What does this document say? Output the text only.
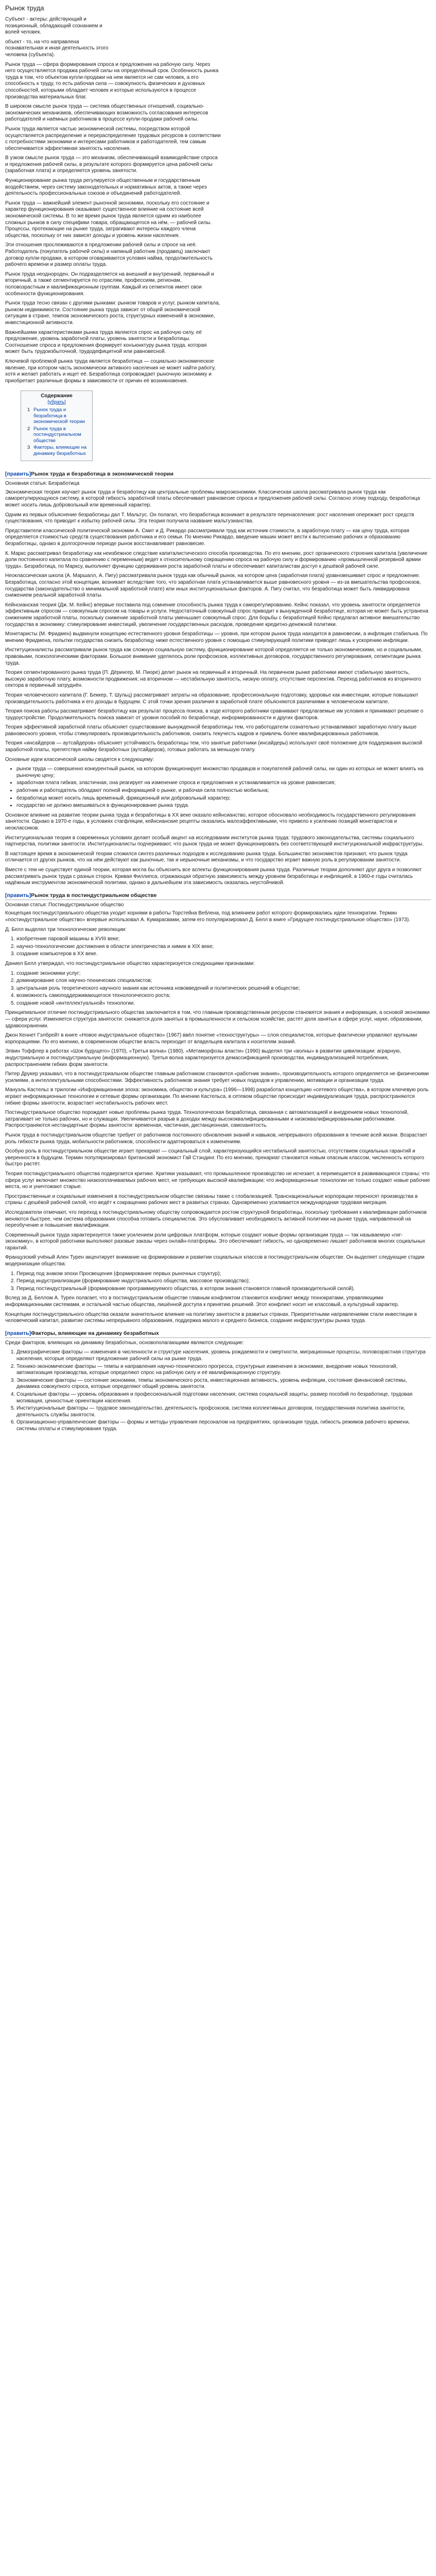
Рынок труда

Субъект - актеры: действующий и позиционный, обладающий сознанием и волей человек.

объект - то, на что направлена познавательная и иная деятельность этого человека (субъекта).

Рынок труда — сфера формирования спроса и предложения на рабочую силу. Через него осуществляется продажа рабочей силы на определённый срок. Особенность рынка труда в том, что объектом купли-продажи на нем является не сам человек, а его способность к труду, то есть рабочая сила — совокупность физических и духовных способностей, которыми обладает человек и которые используются в процессе производства материальных благ.

В широком смысле рынок труда — система общественных отношений, социально-экономических механизмов, обеспечивающих возможность согласования интересов работодателей и наёмных работников в процессе купли-продажи рабочей силы.

Рынок труда является частью экономической системы, посредством которой осуществляется распределение и перераспределение трудовых ресурсов в соответствии с потребностями экономики и интересами работников и работодателей, тем самым обеспечивается эффективная занятость населения.

В узком смысле рынок труда — это механизм, обеспечивающий взаимодействие спроса и предложения рабочей силы, в результате которого формируется цена рабочей силы (заработная плата) и определяется уровень занятости.

Функционирование рынка труда регулируется общественным и государственным воздействием, через систему законодательных и нормативных актов, а также через деятельность профессиональных союзов и объединений работодателей.

Рынок труда — важнейший элемент рыночной экономики, поскольку его состояние и характер функционирования оказывают существенное влияние на состояние всей экономической системы. В то же время рынок труда является одним из наиболее сложных рынков в силу специфики товара, обращающегося на нём, — рабочей силы. Процессы, протекающие на рынке труда, затрагивают интересы каждого члена общества, поскольку от них зависят доходы и уровень жизни населения.

Эти отношения прослеживаются в предложении рабочей силы и спросе на неё. Работодатель (покупатель рабочей силы) и наемный работник (продавец) заключают договор купли-продажи, в котором оговариваются условия найма, продолжительность рабочего времени и размер оплаты труда.

Рынок труда неоднороден. Он подразделяется на внешний и внутренний, первичный и вторичный, а также сегментируется по отраслям, профессиям, регионам, половозрастным и квалификационным группам. Каждый из сегментов имеет свои особенности функционирования.

Рынок труда тесно связан с другими рынками: рынком товаров и услуг, рынком капитала, рынком недвижимости. Состояние рынка труда зависит от общей экономической ситуации в стране, темпов экономического роста, структурных изменений в экономике, инвестиционной активности.

Важнейшими характеристиками рынка труда являются спрос на рабочую силу, её предложение, уровень заработной платы, уровень занятости и безработицы. Соотношение спроса и предложения формирует конъюнктуру рынка труда, которая может быть трудоизбыточной, трудодефицитной или равновесной.

Ключевой проблемой рынка труда является безработица — социально-экономическое явление, при котором часть экономически активного населения не может найти работу, хотя и желает работать и ищет её. Безработица сопровождает рыночную экономику и приобретает различные формы в зависимости от причин её возникновения.

Содержание
[убрать]
1 Рынок труда и безработица в экономической теории
2 Рынок труда в постиндустриальном обществе
3 Факторы, влияющие на динамику безработных
[править]Рынок труда и безработица в экономической теории

Основная статья: Безработица

Экономическая теория изучает рынок труда и безработицу как центральные проблемы макроэкономики. Классическая школа рассматривала рынок труда как саморегулирующуюся систему, в которой гибкость заработной платы обеспечивает равновесие спроса и предложения рабочей силы. Согласно этому подходу, безработица может носить лишь добровольный или временный характер.

Одним из первых объяснение безработицы дал Т. Мальтус. Он полагал, что безработица возникает в результате перенаселения: рост населения опережает рост средств существования, что приводит к избытку рабочей силы. Эта теория получила название мальтузианства.

Представители классической политической экономии А. Смит и Д. Рикардо рассматривали труд как источник стоимости, а заработную плату — как цену труда, которая определяется стоимостью средств существования работника и его семьи. По мнению Рикардо, введение машин может вести к вытеснению рабочих и образованию безработицы, однако в долгосрочном периоде рынок восстанавливает равновесие.

К. Маркс рассматривал безработицу как неизбежное следствие капиталистического способа производства. По его мнению, рост органического строения капитала (увеличение доли постоянного капитала по сравнению с переменным) ведет к относительному сокращению спроса на рабочую силу и формированию «промышленной резервной армии труда». Безработица, по Марксу, выполняет функцию сдерживания роста заработной платы и обеспечивает капиталистам доступ к дешёвой рабочей силе.

Неоклассическая школа (А. Маршалл, А. Пигу) рассматривала рынок труда как обычный рынок, на котором цена (заработная плата) уравновешивает спрос и предложение. Безработица, согласно этой концепции, возникает вследствие того, что заработная плата устанавливается выше равновесного уровня — из-за вмешательства профсоюзов, государства (законодательство о минимальной заработной плате) или иных институциональных факторов. А. Пигу считал, что безработица может быть ликвидирована снижением реальной заработной платы.

Кейнсианская теория (Дж. М. Кейнс) впервые поставила под сомнение способность рынка труда к саморегулированию. Кейнс показал, что уровень занятости определяется эффективным спросом — совокупным спросом на товары и услуги. Недостаточный совокупный спрос приводит к вынужденной безработице, которая не может быть устранена снижением заработной платы, поскольку снижение заработной платы уменьшает совокупный спрос. Для борьбы с безработицей Кейнс предлагал активное вмешательство государства в экономику: стимулирование инвестиций, увеличение государственных расходов, проведение кредитно-денежной политики.

Монетаристы (М. Фридмен) выдвинули концепцию естественного уровня безработицы — уровня, при котором рынок труда находится в равновесии, а инфляция стабильна. По мнению Фридмена, попытки государства снизить безработицу ниже естественного уровня с помощью стимулирующей политики приводят лишь к ускорению инфляции.

Институционалисты рассматривали рынок труда как сложную социальную систему, функционирование которой определяется не только экономическими, но и социальными, правовыми, психологическими факторами. Большое внимание уделялось роли профсоюзов, коллективных договоров, государственного регулирования, сегментации рынка труда.

Теория сегментированного рынка труда (П. Дёрингер, М. Пиоре) делит рынок на первичный и вторичный. На первичном рынке работники имеют стабильную занятость, высокую заработную плату, возможности продвижения; на вторичном — нестабильную занятость, низкую оплату, отсутствие перспектив. Переход работников из вторичного сектора в первичный затруднён.

Теория человеческого капитала (Г. Беккер, Т. Шульц) рассматривает затраты на образование, профессиональную подготовку, здоровье как инвестиции, которые повышают производительность работника и его доходы в будущем. С этой точки зрения различия в заработной плате объясняются различиями в человеческом капитале.

Теория поиска работы рассматривает безработицу как результат процесса поиска, в ходе которого работники сравнивают предлагаемые им условия и принимают решение о трудоустройстве. Продолжительность поиска зависит от уровня пособий по безработице, информированности и других факторов.

Теория эффективной заработной платы объясняет существование вынужденной безработицы тем, что работодатели сознательно устанавливают заработную плату выше равновесного уровня, чтобы стимулировать производительность работников, снизить текучесть кадров и привлечь более квалифицированных работников.

Теория «инсайдеров — аутсайдеров» объясняет устойчивость безработицы тем, что занятые работники (инсайдеры) используют своё положение для поддержания высокой заработной платы, препятствуя найму безработных (аутсайдеров), готовых работать за меньшую плату.

Основные идеи классической школы сводятся к следующему:

• рынок труда — совершенно конкурентный рынок, на котором функционирует множество продавцов и покупателей рабочей силы, ни один из которых не может влиять на рыночную цену;
• заработная плата гибкая, эластичная, она реагирует на изменение спроса и предложения и устанавливается на уровне равновесия;
• работник и работодатель обладают полной информацией о рынке, и рабочая сила полностью мобильна;
• безработица может носить лишь временный, фрикционный или добровольный характер;
• государство не должно вмешиваться в функционирование рынка труда.

Основное влияние на развитие теории рынка труда и безработицы в XX веке оказало кейнсианство, которое обосновало необходимость государственного регулирования занятости. Однако в 1970-е годы, в условиях стагфляции, кейнсианские рецепты оказались малоэффективными, что привело к усилению позиций монетаристов и неоклассиков.

Институциональная теория в современных условиях делает особый акцент на исследовании институтов рынка труда: трудового законодательства, системы социального партнерства, политики занятости. Институционалисты подчеркивают, что рынок труда не может функционировать без соответствующей институциональной инфраструктуры.

В настоящее время в экономической теории сложился синтез различных подходов к исследованию рынка труда. Большинство экономистов признают, что рынок труда отличается от других рынков, что на нём действуют как рыночные, так и нерыночные механизмы, и что государство играет важную роль в регулировании занятости.

Вместе с тем не существует единой теории, которая могла бы объяснить все аспекты функционирования рынка труда. Различные теории дополняют друг друга и позволяют рассматривать рынок труда с разных сторон. Кривая Филлипса, отражающая обратную зависимость между уровнем безработицы и инфляцией, в 1960-е годы считалась надёжным инструментом экономической политики, однако в дальнейшем эта зависимость оказалась неустойчивой.

[править]Рынок труда в постиндустриальном обществе

Основная статья: Постиндустриальное общество

Концепция постиндустриального общества уходит корнями в работы Торстейна Веблена, под влиянием работ которого формировались идеи технократии. Термин «постиндустриальное общество» впервые использовал А. Кумарасвами, затем его популяризировал Д. Белл в книге «Грядущее постиндустриальное общество» (1973).

Д. Белл выделял три технологические революции:

1. изобретение паровой машины в XVIII веке;
2. научно-технологические достижения в области электричества и химии в XIX веке;
3. создание компьютеров в XX веке.

Даниел Белл утверждал, что постиндустриальное общество характеризуется следующими признаками:

1. создание экономики услуг;
2. доминирование слоя научно-технических специалистов;
3. центральная роль теоретического научного знания как источника нововведений и политических решений в обществе;
4. возможность самоподдерживающегося технологического роста;
5. создание новой «интеллектуальной» технологии.

Принципиальное отличие постиндустриального общества заключается в том, что главным производственным ресурсом становятся знания и информация, а основой экономики — сфера услуг. Изменяется структура занятости: снижается доля занятых в промышленности и сельском хозяйстве, растёт доля занятых в сфере услуг, науке, образовании, здравоохранении.

Джон Кеннет Гэлбрейт в книге «Новое индустриальное общество» (1967) ввёл понятие «техноструктуры» — слоя специалистов, которые фактически управляют крупными корпорациями. По его мнению, в современном обществе власть переходит от владельцев капитала к носителям знаний.

Элвин Тоффлер в работах «Шок будущего» (1970), «Третья волна» (1980), «Метаморфозы власти» (1990) выделял три «волны» в развитии цивилизации: аграрную, индустриальную и постиндустриальную (информационную). Третья волна характеризуется демассификацией производства, индивидуализацией потребления, распространением гибких форм занятости.

Питер Друкер указывал, что в постиндустриальном обществе главным работником становится «работник знания», производительность которого определяется не физическими усилиями, а интеллектуальными способностями. Эффективность работников знания требует новых подходов к управлению, мотивации и организации труда.

Мануэль Кастельс в трилогии «Информационная эпоха: экономика, общество и культура» (1996—1998) разработал концепцию «сетевого общества», в котором ключевую роль играют информационные технологии и сетевые формы организации. По мнению Кастельса, в сетевом обществе происходит индивидуализация труда, распространяются гибкие формы занятости, возрастает нестабильность рабочих мест.

Постиндустриальное общество порождает новые проблемы рынка труда. Технологическая безработица, связанная с автоматизацией и внедрением новых технологий, затрагивает не только рабочих, но и служащих. Увеличивается разрыв в доходах между высококвалифицированными и низкоквалифицированными работниками. Распространяются нестандартные формы занятости: временная, частичная, дистанционная, самозанятость.

Рынок труда в постиндустриальном обществе требует от работников постоянного обновления знаний и навыков, непрерывного образования в течение всей жизни. Возрастает роль гибкости рынка труда, мобильности работников, способности адаптироваться к изменениям.

Особую роль в постиндустриальном обществе играет прекариат — социальный слой, характеризующийся нестабильной занятостью, отсутствием социальных гарантий и уверенности в будущем. Термин популяризировал британский экономист Гай Стэндинг. По его мнению, прекариат становится новым опасным классом, численность которого быстро растёт.

Теория постиндустриального общества подвергается критике. Критики указывают, что промышленное производство не исчезает, а перемещается в развивающиеся страны; что сфера услуг включает множество низкооплачиваемых рабочих мест, не требующих высокой квалификации; что информационные технологии не только создают новые рабочие места, но и уничтожают старые.

Пространственные и социальные изменения в постиндустриальном обществе связаны также с глобализацией. Транснациональные корпорации переносят производства в страны с дешёвой рабочей силой, что ведёт к сокращению рабочих мест в развитых странах. Одновременно усиливается международная трудовая миграция.

Исследователи отмечают, что переход к постиндустриальному обществу сопровождается ростом структурной безработицы, поскольку требования к квалификации работников меняются быстрее, чем система образования способна готовить специалистов. Это обусловливает необходимость активной политики на рынке труда, направленной на переобучение и повышение квалификации.

Современный рынок труда характеризуется также усилением роли цифровых платформ, которые создают новые формы организации труда — так называемую «гиг-экономику», в которой работники выполняют разовые заказы через онлайн-платформы. Это обеспечивает гибкость, но одновременно лишает работников многих социальных гарантий.

Французский учёный Ален Турен акцентирует внимание на формировании и развитии социальных классов в постиндустриальном обществе. Он выделяет следующие стадии модернизации общества:

1. Период под знаком эпохи Просвещения (формирование первых рыночных структур);
2. Период индустриализации (формирование индустриального общества, массовое производство);
3. Период постиндустриальный (формирование программируемого общества, в котором знания становятся главной производительной силой).

Вслед за Д. Беллом А. Турен полагает, что в постиндустриальном обществе главным конфликтом становится конфликт между технократами, управляющими информационными системами, и остальной частью общества, лишённой доступа к принятию решений. Этот конфликт носит не классовый, а культурный характер.

Концепции постиндустриального общества оказали значительное влияние на политику занятости в развитых странах. Приоритетными направлениями стали инвестиции в человеческий капитал, развитие системы непрерывного образования, поддержка малого и среднего бизнеса, создание инфраструктуры рынка труда.

[править]Факторы, влияющие на динамику безработных

Среди факторов, влияющих на динамику безработных, основополагающими являются следующие:

1. Демографические факторы — изменения в численности и структуре населения, уровень рождаемости и смертности, миграционные процессы, половозрастная структура населения, которые определяют предложение рабочей силы на рынке труда.
2. Технико-экономические факторы — темпы и направления научно-технического прогресса, структурные изменения в экономике, внедрение новых технологий, автоматизация производства, которые определяют спрос на рабочую силу и её квалификационную структуру.
3. Экономические факторы — состояние экономики, темпы экономического роста, инвестиционная активность, уровень инфляции, состояние финансовой системы, динамика совокупного спроса, которые определяют общий уровень занятости.
4. Социальные факторы — уровень образования и профессиональной подготовки населения, система социальной защиты, размер пособий по безработице, трудовая мотивация, ценностные ориентации населения.
5. Институциональные факторы — трудовое законодательство, деятельность профсоюзов, система коллективных договоров, государственная политика занятости, деятельность службы занятости.
6. Организационно-управленческие факторы — формы и методы управления персоналом на предприятиях, организация труда, гибкость режимов рабочего времени, системы оплаты и стимулирования труда.
